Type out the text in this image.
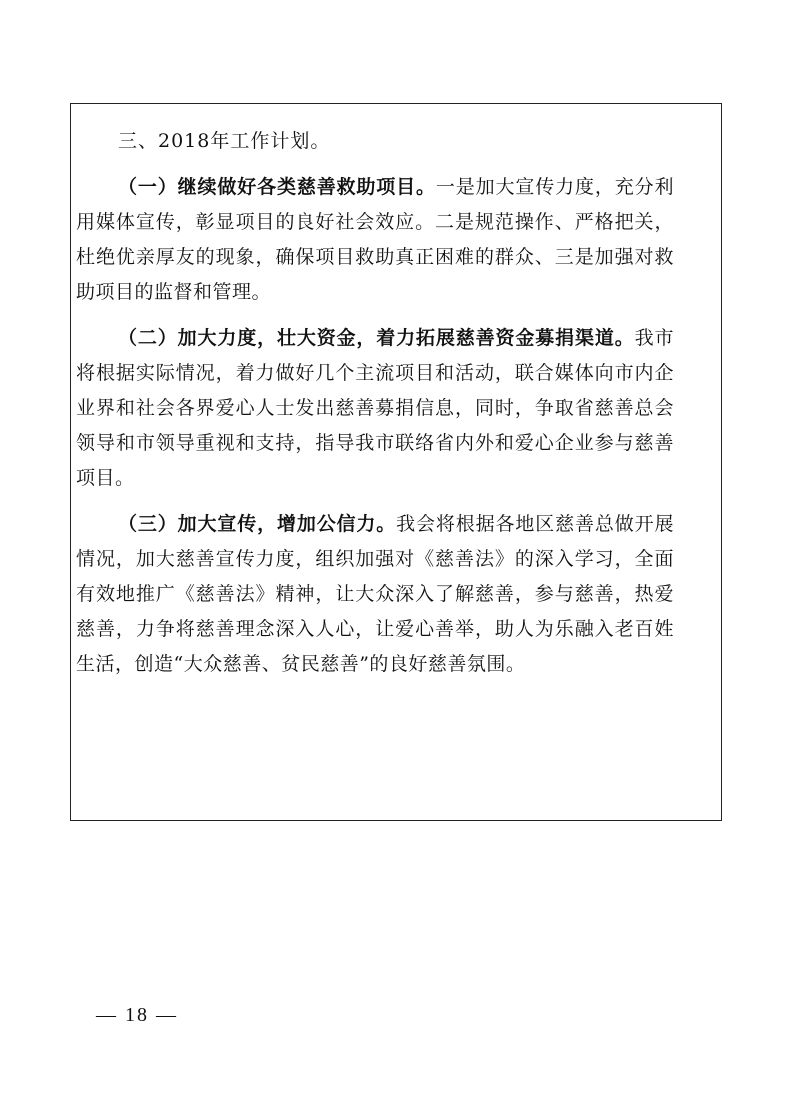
三、2018年工作计划。

（一）继续做好各类慈善救助项目。一是加大宣传力度，充分利用媒体宣传，彰显项目的良好社会效应。二是规范操作、严格把关，杜绝优亲厚友的现象，确保项目救助真正困难的群众、三是加强对救助项目的监督和管理。

（二）加大力度，壮大资金，着力拓展慈善资金募捐渠道。我市将根据实际情况，着力做好几个主流项目和活动，联合媒体向市内企业界和社会各界爱心人士发出慈善募捐信息，同时，争取省慈善总会领导和市领导重视和支持，指导我市联络省内外和爱心企业参与慈善项目。

（三）加大宣传，增加公信力。我会将根据各地区慈善总做开展情况，加大慈善宣传力度，组织加强对《慈善法》的深入学习，全面有效地推广《慈善法》精神，让大众深入了解慈善，参与慈善，热爱慈善，力争将慈善理念深入人心，让爱心善举，助人为乐融入老百姓生活，创造“大众慈善、贫民慈善”的良好慈善氛围。

— 18 —
